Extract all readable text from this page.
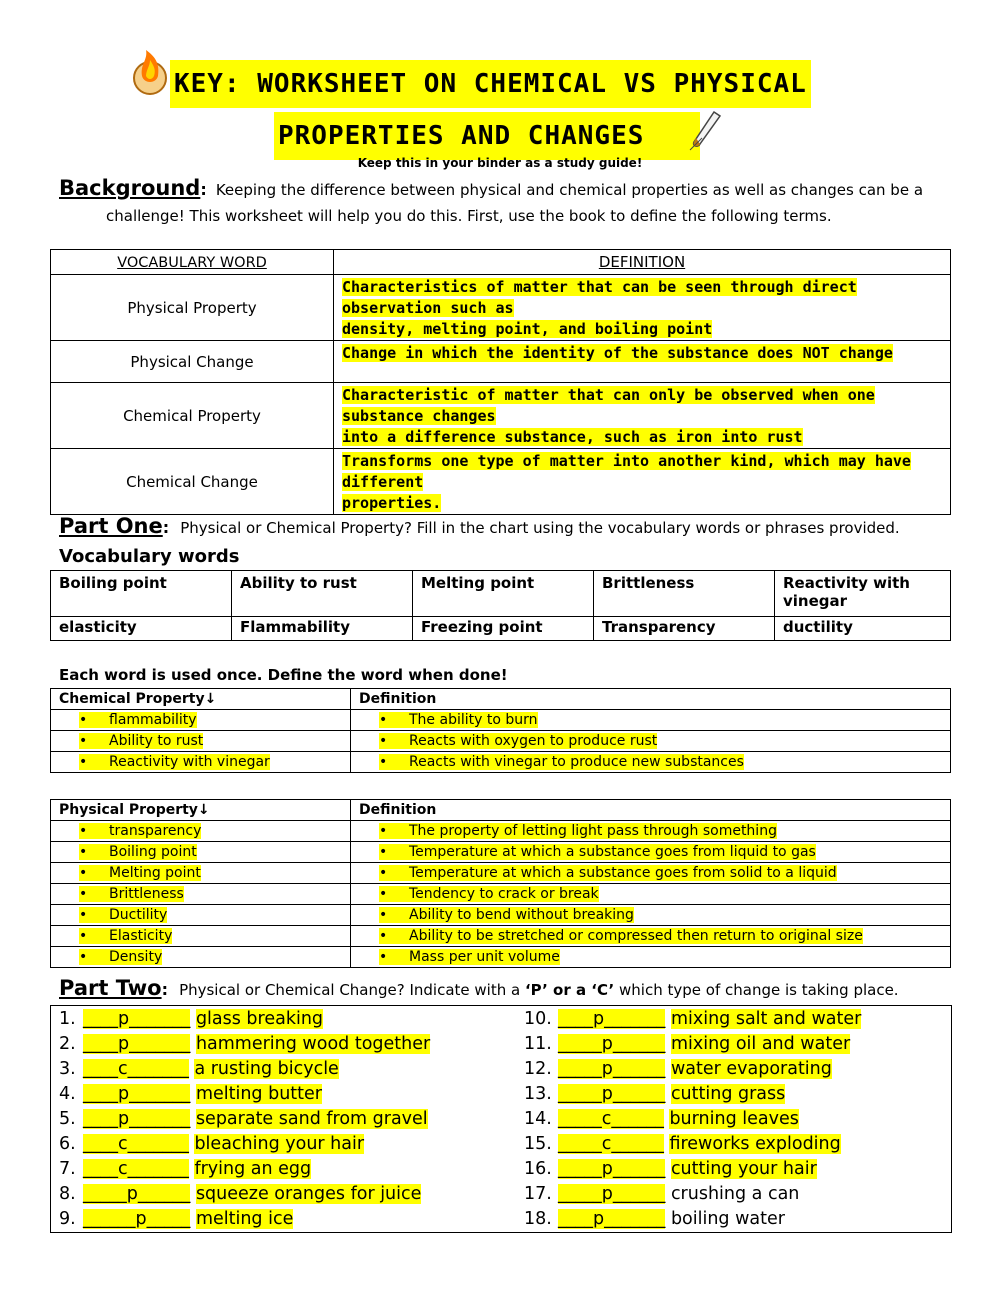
KEY: WORKSHEET ON CHEMICAL VS PHYSICAL
PROPERTIES AND CHANGES
Keep this in your binder as a study guide!
Background: Keeping the difference between physical and chemical properties as well as changes can be a
challenge! This worksheet will help you do this. First, use the book to define the following terms.
VOCABULARY WORD	DEFINITION
Physical Property	Characteristics of matter that can be seen through direct observation such as
density, melting point, and boiling point
Physical Change	Change in which the identity of the substance does NOT change
Chemical Property	Characteristic of matter that can only be observed when one substance changes
into a difference substance, such as iron into rust
Chemical Change	Transforms one type of matter into another kind, which may have different
properties.
Part One: Physical or Chemical Property? Fill in the chart using the vocabulary words or phrases provided.
Vocabulary words
Boiling point	Ability to rust	Melting point	Brittleness	Reactivity with vinegar
elasticity	Flammability	Freezing point	Transparency	ductility
Each word is used once. Define the word when done!
Chemical Property↓	Definition
• flammability	• The ability to burn
• Ability to rust	• Reacts with oxygen to produce rust
• Reactivity with vinegar	• Reacts with vinegar to produce new substances
Physical Property↓	Definition
• transparency	• The property of letting light pass through something
• Boiling point	• Temperature at which a substance goes from liquid to gas
• Melting point	• Temperature at which a substance goes from solid to a liquid
• Brittleness	• Tendency to crack or break
• Ductility	• Ability to bend without breaking
• Elasticity	• Ability to be stretched or compressed then return to original size
• Density	• Mass per unit volume
Part Two: Physical or Chemical Change? Indicate with a ‘P’ or a ‘C’ which type of change is taking place.
1. ____p_______ glass breaking
2. ____p_______ hammering wood together
3. ____c_______ a rusting bicycle
4. ____p_______ melting butter
5. ____p_______ separate sand from gravel
6. ____c_______ bleaching your hair
7. ____c_______ frying an egg
8. _____p______ squeeze oranges for juice
9. ______p_____ melting ice
10. ____p_______ mixing salt and water
11. _____p______ mixing oil and water
12. _____p______ water evaporating
13. _____p______ cutting grass
14. _____c______ burning leaves
15. _____c______ fireworks exploding
16. _____p______ cutting your hair
17. _____p______ crushing a can
18. ____p_______ boiling water
